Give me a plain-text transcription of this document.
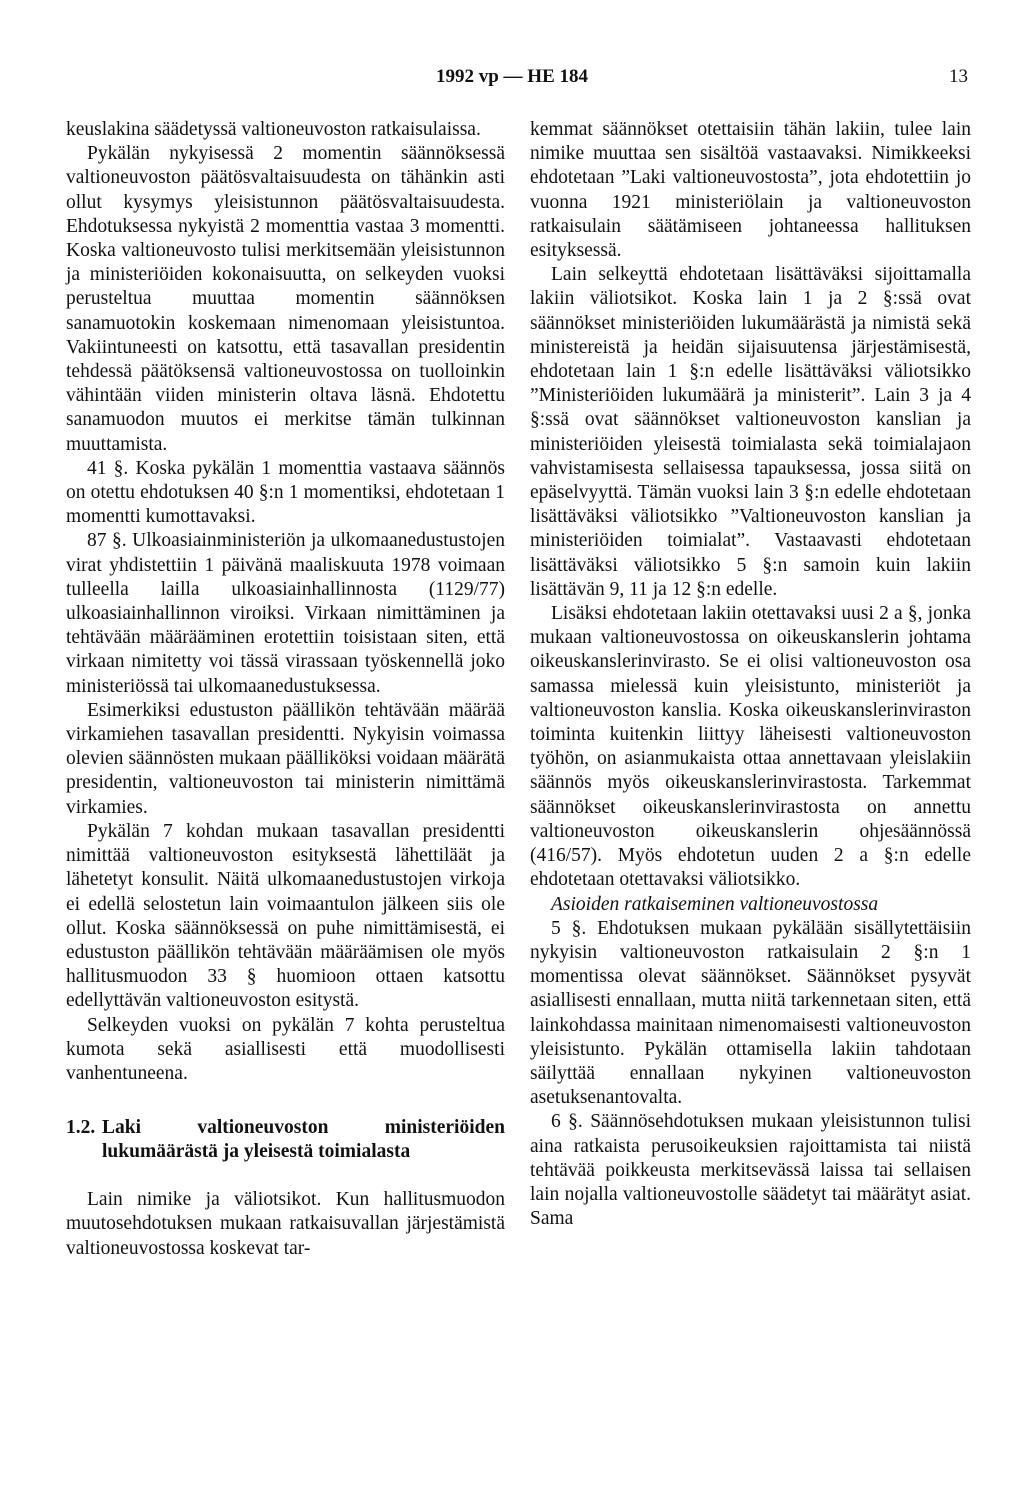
1992 vp — HE 184	13

keuslakina säädetyssä valtioneuvoston ratkaisulaissa.

Pykälän nykyisessä 2 momentin säännöksessä valtioneuvoston päätösvaltaisuudesta on tähänkin asti ollut kysymys yleisistunnon päätösvaltaisuudesta. Ehdotuksessa nykyistä 2 momenttia vastaa 3 momentti. Koska valtioneuvosto tulisi merkitsemään yleisistunnon ja ministeriöiden kokonaisuutta, on selkeyden vuoksi perusteltua muuttaa momentin säännöksen sanamuotokin koskemaan nimenomaan yleisistuntoa. Vakiintuneesti on katsottu, että tasavallan presidentin tehdessä päätöksensä valtioneuvostossa on tuolloinkin vähintään viiden ministerin oltava läsnä. Ehdotettu sanamuodon muutos ei merkitse tämän tulkinnan muuttamista.

41 §. Koska pykälän 1 momenttia vastaava säännös on otettu ehdotuksen 40 §:n 1 momentiksi, ehdotetaan 1 momentti kumottavaksi.

87 §. Ulkoasiainministeriön ja ulkomaanedustustojen virat yhdistettiin 1 päivänä maaliskuuta 1978 voimaan tulleella lailla ulkoasiainhallinnosta (1129/77) ulkoasiainhallinnon viroiksi. Virkaan nimittäminen ja tehtävään määrääminen erotettiin toisistaan siten, että virkaan nimitetty voi tässä virassaan työskennellä joko ministeriössä tai ulkomaanedustuksessa.

Esimerkiksi edustuston päällikön tehtävään määrää virkamiehen tasavallan presidentti. Nykyisin voimassa olevien säännösten mukaan päälliköksi voidaan määrätä presidentin, valtioneuvoston tai ministerin nimittämä virkamies.

Pykälän 7 kohdan mukaan tasavallan presidentti nimittää valtioneuvoston esityksestä lähettiläät ja lähetetyt konsulit. Näitä ulkomaanedustustojen virkoja ei edellä selostetun lain voimaantulon jälkeen siis ole ollut. Koska säännöksessä on puhe nimittämisestä, ei edustuston päällikön tehtävään määräämisen ole myös hallitusmuodon 33 § huomioon ottaen katsottu edellyttävän valtioneuvoston esitystä.

Selkeyden vuoksi on pykälän 7 kohta perusteltua kumota sekä asiallisesti että muodollisesti vanhentuneena.

1.2. Laki valtioneuvoston ministeriöiden lukumäärästä ja yleisestä toimialasta

Lain nimike ja väliotsikot. Kun hallitusmuodon muutosehdotuksen mukaan ratkaisuvallan järjestämistä valtioneuvostossa koskevat tar-

kemmat säännökset otettaisiin tähän lakiin, tulee lain nimike muuttaa sen sisältöä vastaavaksi. Nimikkeeksi ehdotetaan ”Laki valtioneuvostosta”, jota ehdotettiin jo vuonna 1921 ministeriölain ja valtioneuvoston ratkaisulain säätämiseen johtaneessa hallituksen esityksessä.

Lain selkeyttä ehdotetaan lisättäväksi sijoittamalla lakiin väliotsikot. Koska lain 1 ja 2 §:ssä ovat säännökset ministeriöiden lukumäärästä ja nimistä sekä ministereistä ja heidän sijaisuutensa järjestämisestä, ehdotetaan lain 1 §:n edelle lisättäväksi väliotsikko ”Ministeriöiden lukumäärä ja ministerit”. Lain 3 ja 4 §:ssä ovat säännökset valtioneuvoston kanslian ja ministeriöiden yleisestä toimialasta sekä toimialajaon vahvistamisesta sellaisessa tapauksessa, jossa siitä on epäselvyyttä. Tämän vuoksi lain 3 §:n edelle ehdotetaan lisättäväksi väliotsikko ”Valtioneuvoston kanslian ja ministeriöiden toimialat”. Vastaavasti ehdotetaan lisättäväksi väliotsikko 5 §:n samoin kuin lakiin lisättävän 9, 11 ja 12 §:n edelle.

Lisäksi ehdotetaan lakiin otettavaksi uusi 2 a §, jonka mukaan valtioneuvostossa on oikeuskanslerin johtama oikeuskanslerinvirasto. Se ei olisi valtioneuvoston osa samassa mielessä kuin yleisistunto, ministeriöt ja valtioneuvoston kanslia. Koska oikeuskanslerinviraston toiminta kuitenkin liittyy läheisesti valtioneuvoston työhön, on asianmukaista ottaa annettavaan yleislakiin säännös myös oikeuskanslerinvirastosta. Tarkemmat säännökset oikeuskanslerinvirastosta on annettu valtioneuvoston oikeuskanslerin ohjesäännössä (416/57). Myös ehdotetun uuden 2 a §:n edelle ehdotetaan otettavaksi väliotsikko.

Asioiden ratkaiseminen valtioneuvostossa

5 §. Ehdotuksen mukaan pykälään sisällytettäisiin nykyisin valtioneuvoston ratkaisulain 2 §:n 1 momentissa olevat säännökset. Säännökset pysyvät asiallisesti ennallaan, mutta niitä tarkennetaan siten, että lainkohdassa mainitaan nimenomaisesti valtioneuvoston yleisistunto. Pykälän ottamisella lakiin tahdotaan säilyttää ennallaan nykyinen valtioneuvoston asetuksenantovalta.

6 §. Säännösehdotuksen mukaan yleisistunnon tulisi aina ratkaista perusoikeuksien rajoittamista tai niistä tehtävää poikkeusta merkitsevässä laissa tai sellaisen lain nojalla valtioneuvostolle säädetyt tai määrätyt asiat. Sama
